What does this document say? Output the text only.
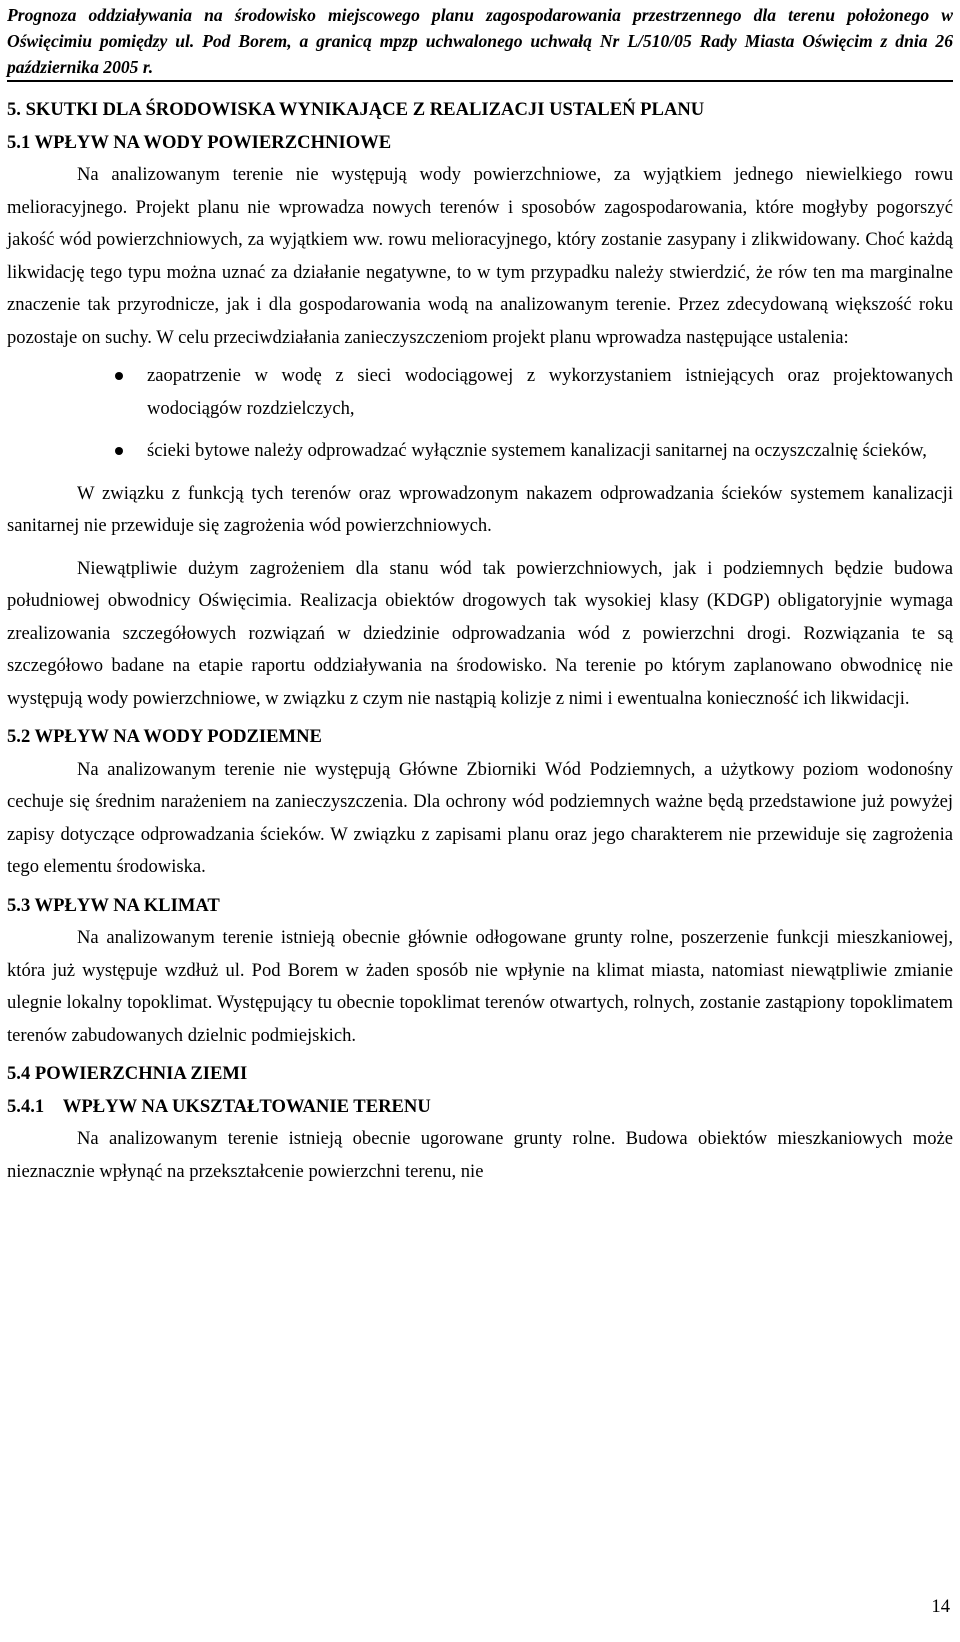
Prognoza oddziaływania na środowisko miejscowego planu zagospodarowania przestrzennego dla terenu położonego w Oświęcimiu pomiędzy ul. Pod Borem, a granicą mpzp uchwalonego uchwałą Nr L/510/05 Rady Miasta Oświęcim z dnia 26 października 2005 r.

5. SKUTKI DLA ŚRODOWISKA WYNIKAJĄCE Z REALIZACJI USTALEŃ PLANU

5.1 WPŁYW NA WODY POWIERZCHNIOWE

Na analizowanym terenie nie występują wody powierzchniowe, za wyjątkiem jednego niewielkiego rowu melioracyjnego. Projekt planu nie wprowadza nowych terenów i sposobów zagospodarowania, które mogłyby pogorszyć jakość wód powierzchniowych, za wyjątkiem ww. rowu melioracyjnego, który zostanie zasypany i zlikwidowany. Choć każdą likwidację tego typu można uznać za działanie negatywne, to w tym przypadku należy stwierdzić, że rów ten ma marginalne znaczenie tak przyrodnicze, jak i dla gospodarowania wodą na analizowanym terenie. Przez zdecydowaną większość roku pozostaje on suchy. W celu przeciwdziałania zanieczyszczeniom projekt planu wprowadza następujące ustalenia:

zaopatrzenie w wodę z sieci wodociągowej z wykorzystaniem istniejących oraz projektowanych wodociągów rozdzielczych,
ścieki bytowe należy odprowadzać wyłącznie systemem kanalizacji sanitarnej na oczyszczalnię ścieków,

W związku z funkcją tych terenów oraz wprowadzonym nakazem odprowadzania ścieków systemem kanalizacji sanitarnej nie przewiduje się zagrożenia wód powierzchniowych.

Niewątpliwie dużym zagrożeniem dla stanu wód tak powierzchniowych, jak i podziemnych będzie budowa południowej obwodnicy Oświęcimia. Realizacja obiektów drogowych tak wysokiej klasy (KDGP) obligatoryjnie wymaga zrealizowania szczegółowych rozwiązań w dziedzinie odprowadzania wód z powierzchni drogi. Rozwiązania te są szczegółowo badane na etapie raportu oddziaływania na środowisko. Na terenie po którym zaplanowano obwodnicę nie występują wody powierzchniowe, w związku z czym nie nastąpią kolizje z nimi i ewentualna konieczność ich likwidacji.

5.2 WPŁYW NA WODY PODZIEMNE

Na analizowanym terenie nie występują Główne Zbiorniki Wód Podziemnych, a użytkowy poziom wodonośny cechuje się średnim narażeniem na zanieczyszczenia. Dla ochrony wód podziemnych ważne będą przedstawione już powyżej zapisy dotyczące odprowadzania ścieków. W związku z zapisami planu oraz jego charakterem nie przewiduje się zagrożenia tego elementu środowiska.

5.3 WPŁYW NA KLIMAT

Na analizowanym terenie istnieją obecnie głównie odłogowane grunty rolne, poszerzenie funkcji mieszkaniowej, która już występuje wzdłuż ul. Pod Borem w żaden sposób nie wpłynie na klimat miasta, natomiast niewątpliwie zmianie ulegnie lokalny topoklimat. Występujący tu obecnie topoklimat terenów otwartych, rolnych, zostanie zastąpiony topoklimatem terenów zabudowanych dzielnic podmiejskich.

5.4 POWIERZCHNIA ZIEMI

5.4.1    WPŁYW NA UKSZTAŁTOWANIE TERENU

Na analizowanym terenie istnieją obecnie ugorowane grunty rolne. Budowa obiektów mieszkaniowych może nieznacznie wpłynąć na przekształcenie powierzchni terenu, nie

14
